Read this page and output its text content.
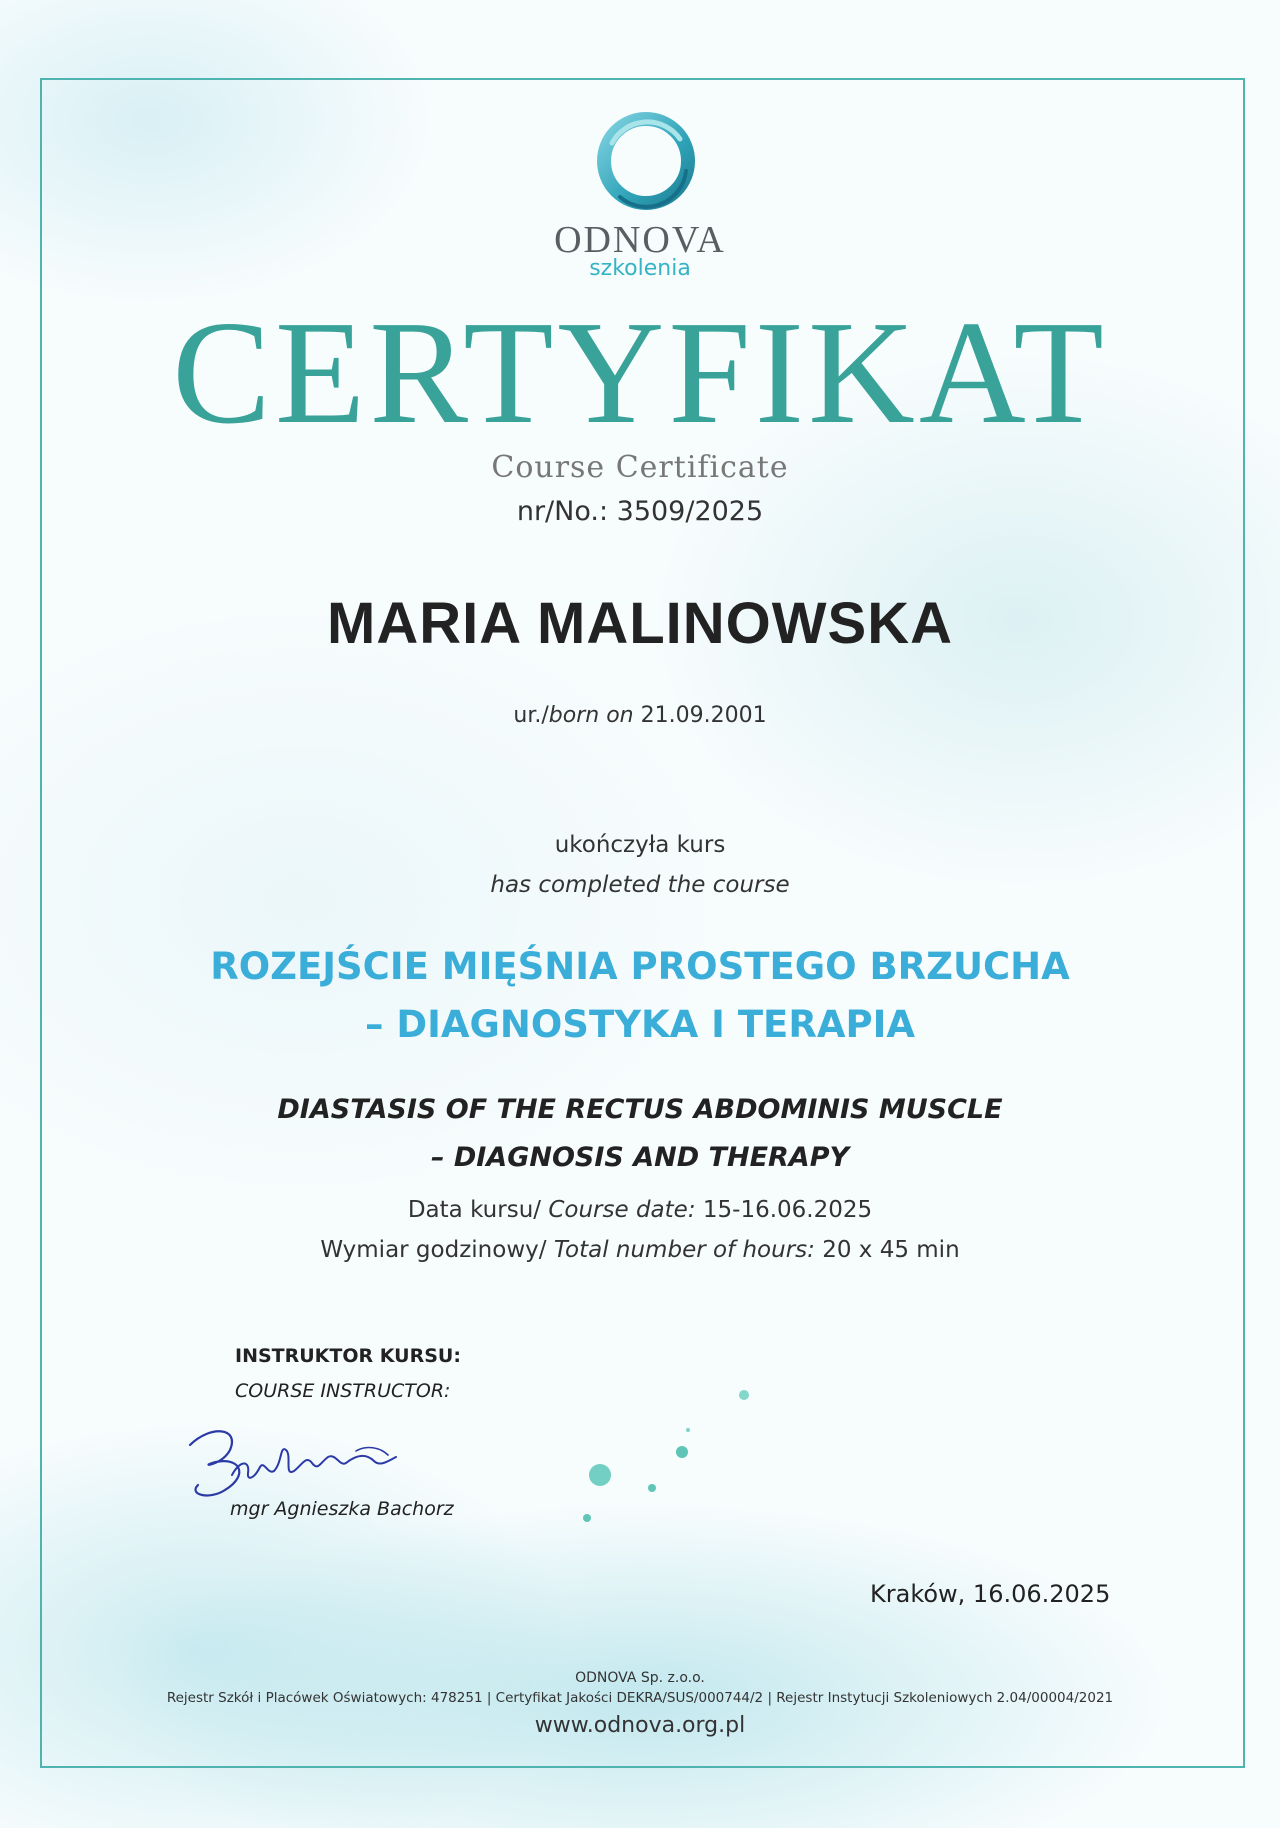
ODNOVA
szkolenia
CERTYFIKAT
Course Certificate
nr/No.: 3509/2025
MARIA MALINOWSKA
ur./born on 21.09.2001
ukończyła kurs
has completed the course
ROZEJŚCIE MIĘŚNIA PROSTEGO BRZUCHA
– DIAGNOSTYKA I TERAPIA
DIASTASIS OF THE RECTUS ABDOMINIS MUSCLE
– DIAGNOSIS AND THERAPY
Data kursu/ Course date: 15-16.06.2025
Wymiar godzinowy/ Total number of hours: 20 x 45 min
INSTRUKTOR KURSU:
COURSE INSTRUCTOR:
mgr Agnieszka Bachorz
Kraków, 16.06.2025
ODNOVA Sp. z.o.o.
Rejestr Szkół i Placówek Oświatowych: 478251 | Certyfikat Jakości DEKRA/SUS/000744/2 | Rejestr Instytucji Szkoleniowych 2.04/00004/2021
www.odnova.org.pl
